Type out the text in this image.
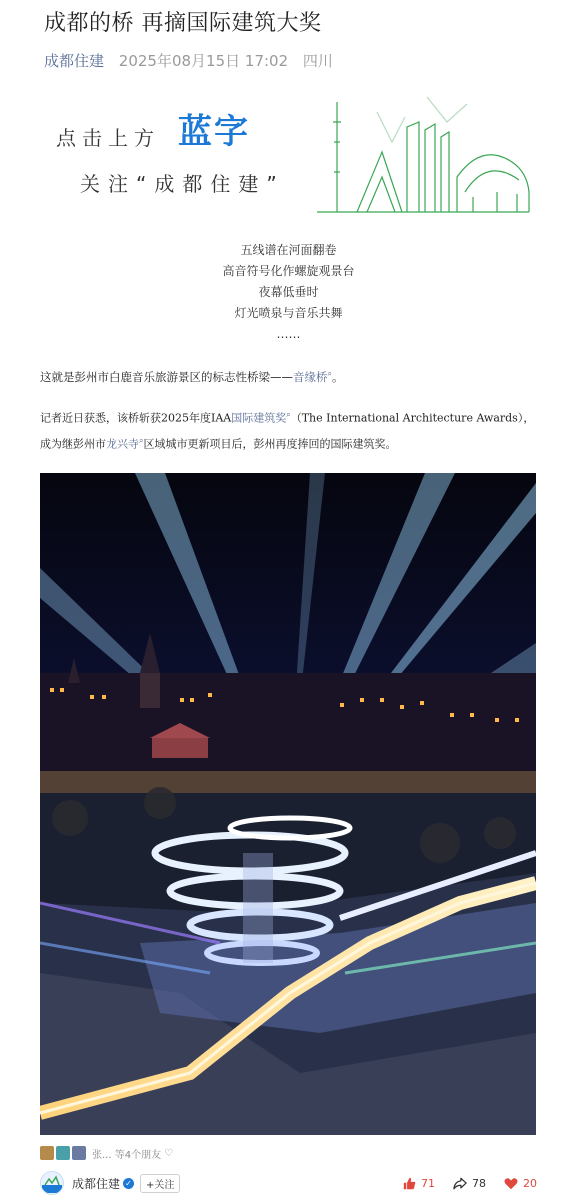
成都的桥 再摘国际建筑大奖
成都住建 2025年08月15日 17:02 四川
点击上方 蓝字
关注“成都住建”

五线谱在河面翻卷

高音符号化作螺旋观景台

夜幕低垂时

灯光喷泉与音乐共舞

……

这就是彭州市白鹿音乐旅游景区的标志性桥梁——音缘桥⌕。
记者近日获悉，该桥斩获2025年度IAA国际建筑奖⌕（The International Architecture Awards），成为继彭州市龙兴寺⌕区域城市更新项目后，彭州再度捧回的国际建筑奖。
张... 等4个朋友 ♡
成都住建 ✓	+关注	71	78	20
